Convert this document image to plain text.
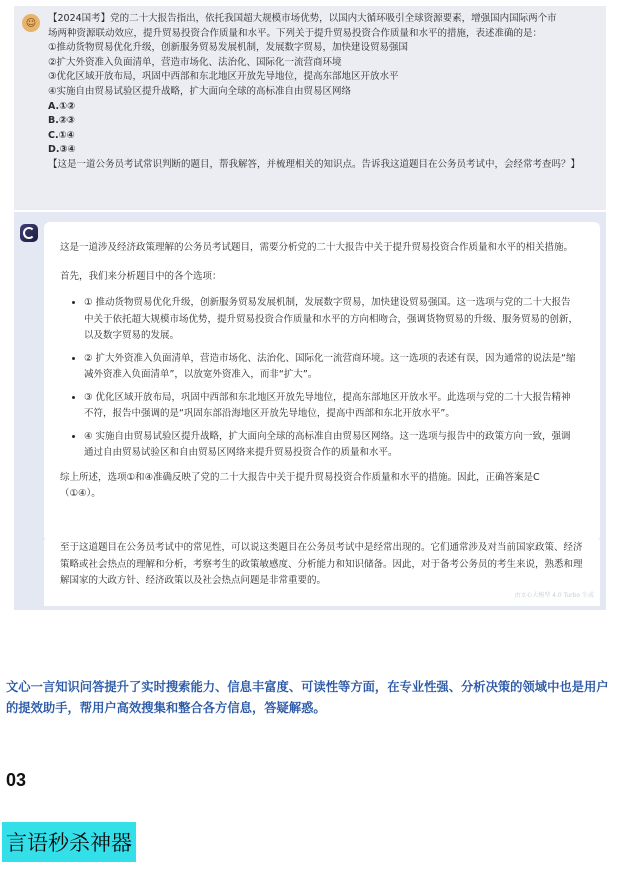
☺	【2024国考】党的二十大报告指出，依托我国超大规模市场优势，以国内大循环吸引全球资源要素，增强国内国际两个市
场两种资源联动效应，提升贸易投资合作质量和水平。下列关于提升贸易投资合作质量和水平的措施，表述准确的是：
①推动货物贸易优化升级，创新服务贸易发展机制，发展数字贸易，加快建设贸易强国
②扩大外资准入负面清单，营造市场化、法治化、国际化一流营商环境
③优化区域开放布局，巩固中西部和东北地区开放先导地位，提高东部地区开放水平
④实施自由贸易试验区提升战略，扩大面向全球的高标准自由贸易区网络
A.①②
B.②③
C.①④
D.③④
【这是一道公务员考试常识判断的题目，帮我解答，并梳理相关的知识点。告诉我这道题目在公务员考试中，会经常考查吗？】

这是一道涉及经济政策理解的公务员考试题目，需要分析党的二十大报告中关于提升贸易投资合作质量和水平的相关措施。

首先，我们来分析题目中的各个选项：

• ① 推动货物贸易优化升级，创新服务贸易发展机制，发展数字贸易，加快建设贸易强国。这一选项与党的二十大报告中关于依托超大规模市场优势，提升贸易投资合作质量和水平的方向相吻合，强调货物贸易的升级、服务贸易的创新，以及数字贸易的发展。
• ② 扩大外资准入负面清单，营造市场化、法治化、国际化一流营商环境。这一选项的表述有误，因为通常的说法是“缩减外资准入负面清单”，以放宽外资准入，而非“扩大”。
• ③ 优化区域开放布局，巩固中西部和东北地区开放先导地位，提高东部地区开放水平。此选项与党的二十大报告精神不符，报告中强调的是“巩固东部沿海地区开放先导地位，提高中西部和东北开放水平”。
• ④ 实施自由贸易试验区提升战略，扩大面向全球的高标准自由贸易区网络。这一选项与报告中的政策方向一致，强调通过自由贸易试验区和自由贸易区网络来提升贸易投资合作的质量和水平。

综上所述，选项①和④准确反映了党的二十大报告中关于提升贸易投资合作质量和水平的措施。因此，正确答案是C（①④）。

至于这道题目在公务员考试中的常见性，可以说这类题目在公务员考试中是经常出现的。它们通常涉及对当前国家政策、经济策略或社会热点的理解和分析，考察考生的政策敏感度、分析能力和知识储备。因此，对于备考公务员的考生来说，熟悉和理解国家的大政方针、经济政策以及社会热点问题是非常重要的。

由文心大模型 4.0 Turbo 生成
文心一言知识问答提升了实时搜索能力、信息丰富度、可读性等方面，在专业性强、分析决策的领域中也是用户的提效助手，帮用户高效搜集和整合各方信息，答疑解惑。
03
言语秒杀神器
